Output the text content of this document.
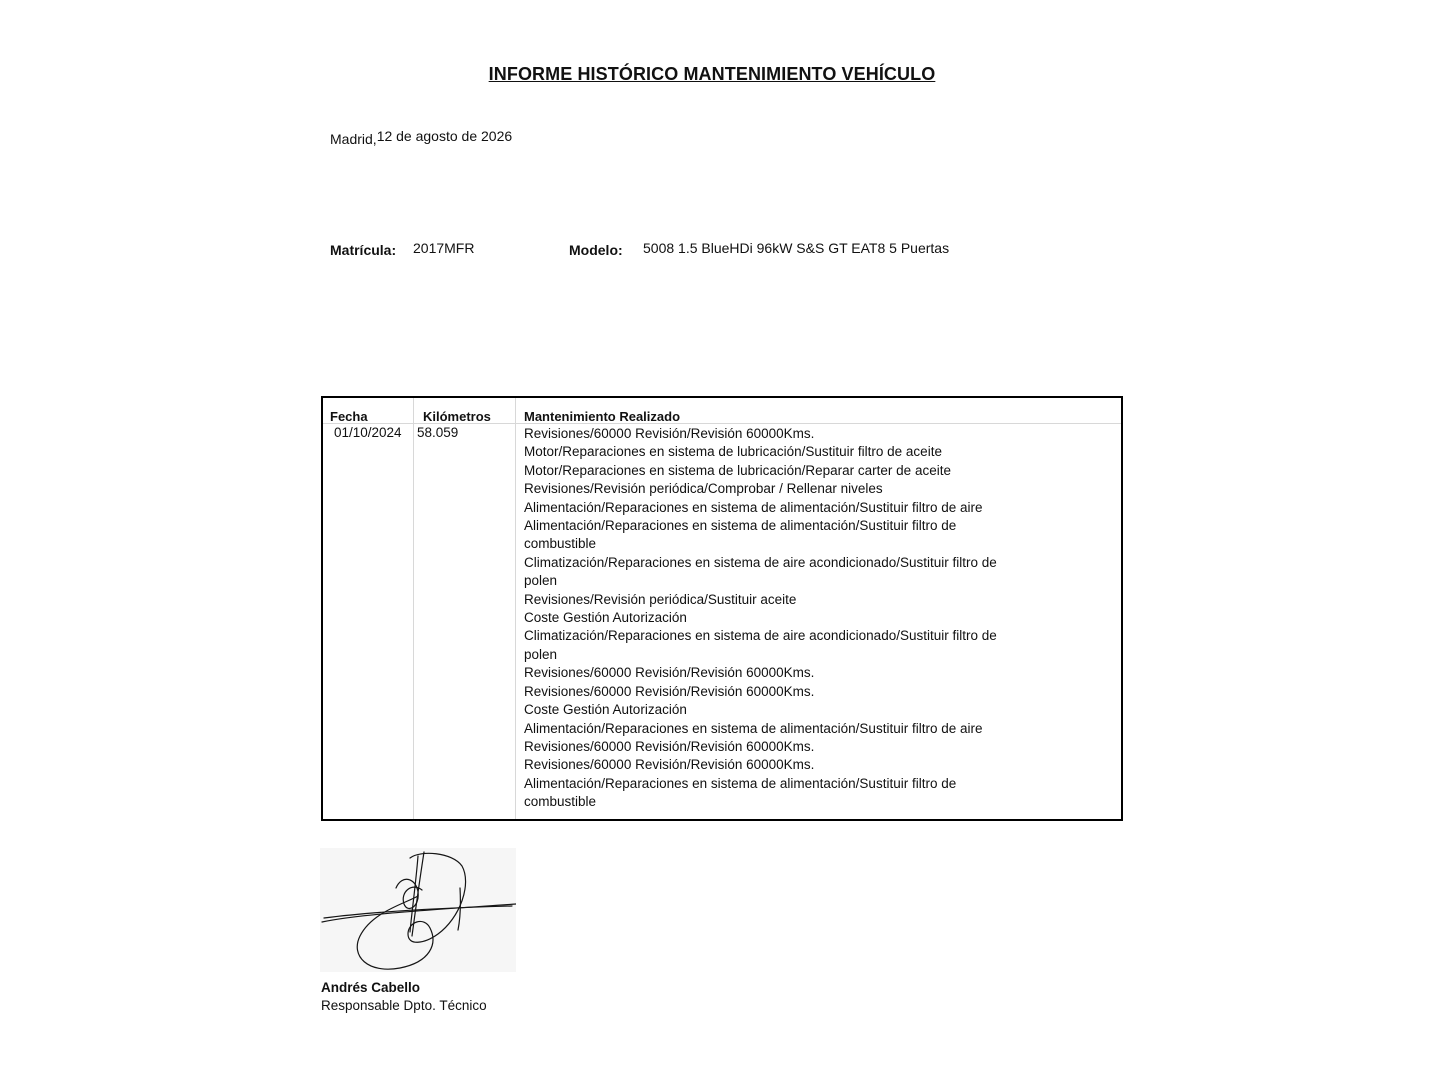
INFORME HISTÓRICO MANTENIMIENTO VEHÍCULO
Madrid,12 de agosto de 2026
Matrícula: 2017MFR	Modelo: 5008 1.5 BlueHDi 96kW S&S GT EAT8 5 Puertas
Fecha	Kilómetros	Mantenimiento Realizado
01/10/2024 58.059	Revisiones/60000 Revisión/Revisión 60000Kms.
Motor/Reparaciones en sistema de lubricación/Sustituir filtro de aceite
Motor/Reparaciones en sistema de lubricación/Reparar carter de aceite
Revisiones/Revisión periódica/Comprobar / Rellenar niveles
Alimentación/Reparaciones en sistema de alimentación/Sustituir filtro de aire
Alimentación/Reparaciones en sistema de alimentación/Sustituir filtro de combustible
Climatización/Reparaciones en sistema de aire acondicionado/Sustituir filtro de polen
Revisiones/Revisión periódica/Sustituir aceite
Coste Gestión Autorización
Climatización/Reparaciones en sistema de aire acondicionado/Sustituir filtro de polen
Revisiones/60000 Revisión/Revisión 60000Kms.
Revisiones/60000 Revisión/Revisión 60000Kms.
Coste Gestión Autorización
Alimentación/Reparaciones en sistema de alimentación/Sustituir filtro de aire
Revisiones/60000 Revisión/Revisión 60000Kms.
Revisiones/60000 Revisión/Revisión 60000Kms.
Alimentación/Reparaciones en sistema de alimentación/Sustituir filtro de combustible
Andrés Cabello
Responsable Dpto. Técnico
